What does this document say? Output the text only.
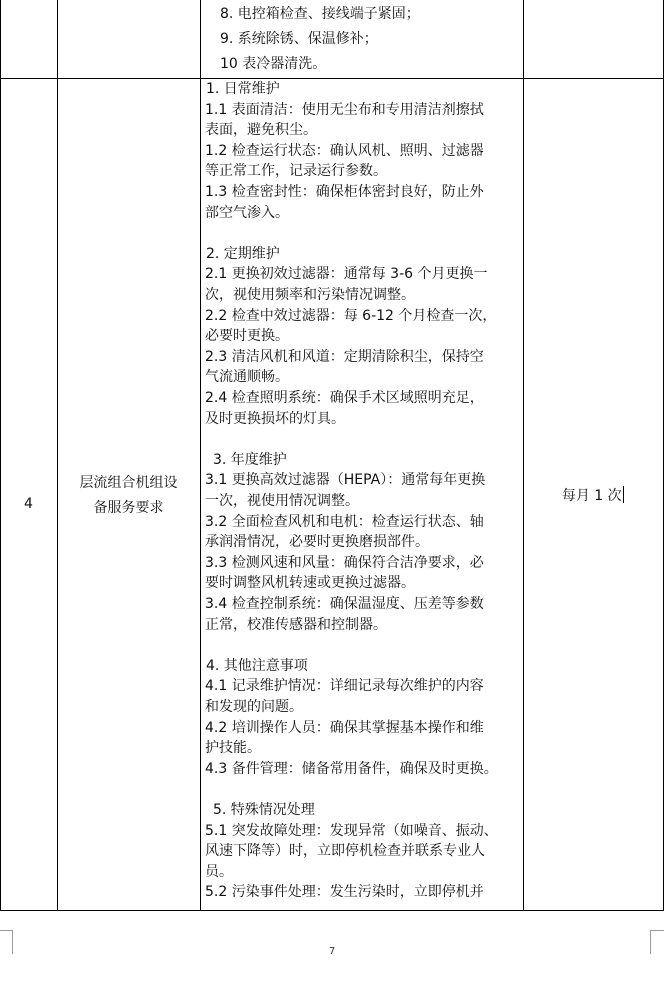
8. 电控箱检查、接线端子紧固；
9. 系统除锈、保温修补；
10 表冷器清洗。
4
层流组合机组设
备服务要求
每月 1 次
1. 日常维护
1.1 表面清洁：使用无尘布和专用清洁剂擦拭
表面，避免积尘。
1.2 检查运行状态：确认风机、照明、过滤器
等正常工作，记录运行参数。
1.3 检查密封性：确保柜体密封良好，防止外
部空气渗入。
2. 定期维护
2.1 更换初效过滤器：通常每 3-6 个月更换一
次，视使用频率和污染情况调整。
2.2 检查中效过滤器：每 6-12 个月检查一次，
必要时更换。
2.3 清洁风机和风道：定期清除积尘，保持空
气流通顺畅。
2.4 检查照明系统：确保手术区域照明充足，
及时更换损坏的灯具。
3. 年度维护
3.1 更换高效过滤器（HEPA）：通常每年更换
一次，视使用情况调整。
3.2 全面检查风机和电机：检查运行状态、轴
承润滑情况，必要时更换磨损部件。
3.3 检测风速和风量：确保符合洁净要求，必
要时调整风机转速或更换过滤器。
3.4 检查控制系统：确保温湿度、压差等参数
正常，校准传感器和控制器。
4. 其他注意事项
4.1 记录维护情况：详细记录每次维护的内容
和发现的问题。
4.2 培训操作人员：确保其掌握基本操作和维
护技能。
4.3 备件管理：储备常用备件，确保及时更换。
5. 特殊情况处理
5.1 突发故障处理：发现异常（如噪音、振动、
风速下降等）时，立即停机检查并联系专业人
员。
5.2 污染事件处理：发生污染时，立即停机并
7
